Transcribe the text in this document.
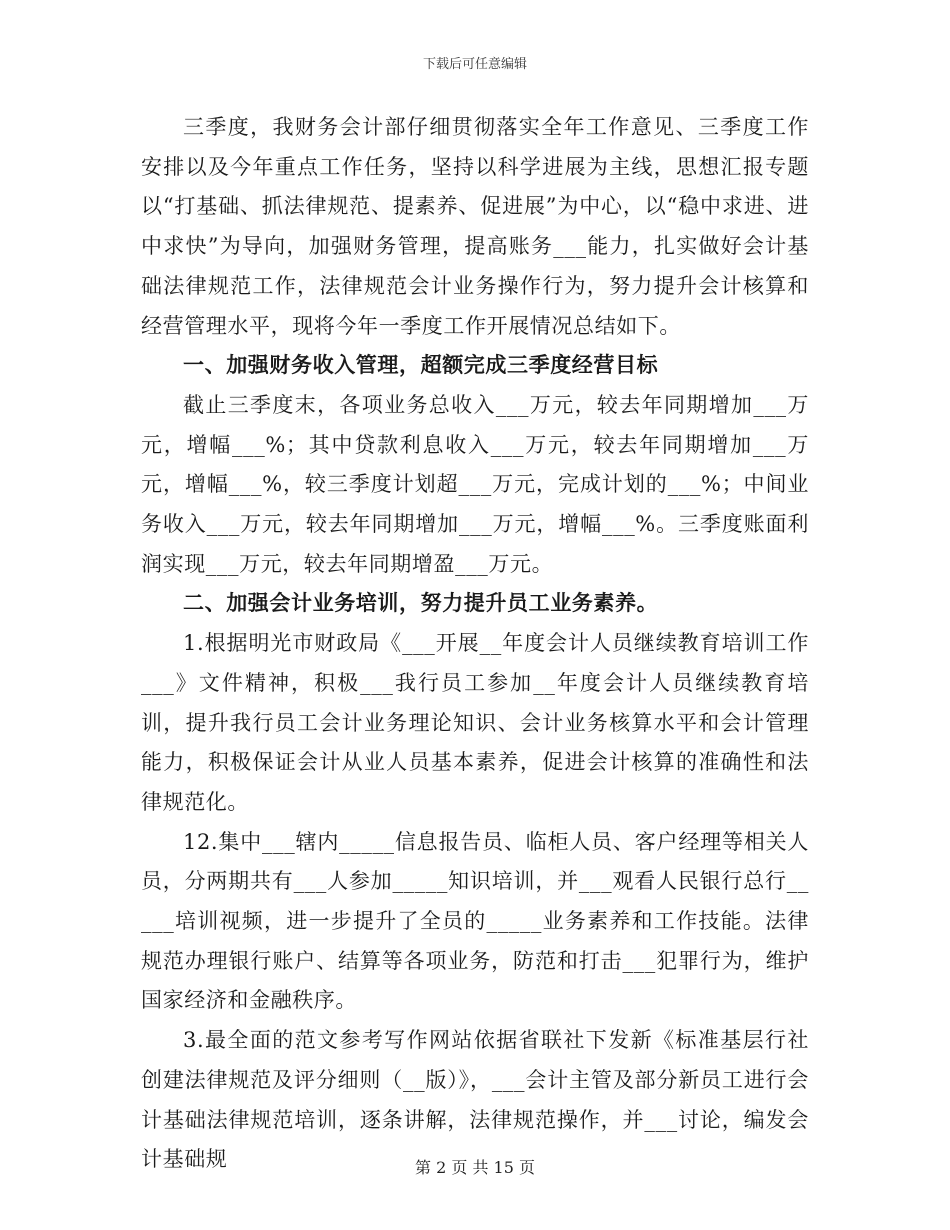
下载后可任意编辑

三季度，我财务会计部仔细贯彻落实全年工作意见、三季度工作安排以及今年重点工作任务，坚持以科学进展为主线，思想汇报专题以“打基础、抓法律规范、提素养、促进展”为中心，以“稳中求进、进中求快”为导向，加强财务管理，提高账务___能力，扎实做好会计基础法律规范工作，法律规范会计业务操作行为，努力提升会计核算和经营管理水平，现将今年一季度工作开展情况总结如下。

一、加强财务收入管理，超额完成三季度经营目标

截止三季度末，各项业务总收入___万元，较去年同期增加___万元，增幅___%；其中贷款利息收入___万元，较去年同期增加___万元，增幅___%，较三季度计划超___万元，完成计划的___%；中间业务收入___万元，较去年同期增加___万元，增幅___%。三季度账面利润实现___万元，较去年同期增盈___万元。

二、加强会计业务培训，努力提升员工业务素养。

1.根据明光市财政局《___开展__年度会计人员继续教育培训工作___》文件精神，积极___我行员工参加__年度会计人员继续教育培训，提升我行员工会计业务理论知识、会计业务核算水平和会计管理能力，积极保证会计从业人员基本素养，促进会计核算的准确性和法律规范化。

12.集中___辖内_____信息报告员、临柜人员、客户经理等相关人员，分两期共有___人参加_____知识培训，并___观看人民银行总行_____培训视频，进一步提升了全员的_____业务素养和工作技能。法律规范办理银行账户、结算等各项业务，防范和打击___犯罪行为，维护国家经济和金融秩序。

3.最全面的范文参考写作网站依据省联社下发新《标准基层行社创建法律规范及评分细则（__版）》，___会计主管及部分新员工进行会计基础法律规范培训，逐条讲解，法律规范操作，并___讨论，编发会计基础规	第 2 页 共 15 页
